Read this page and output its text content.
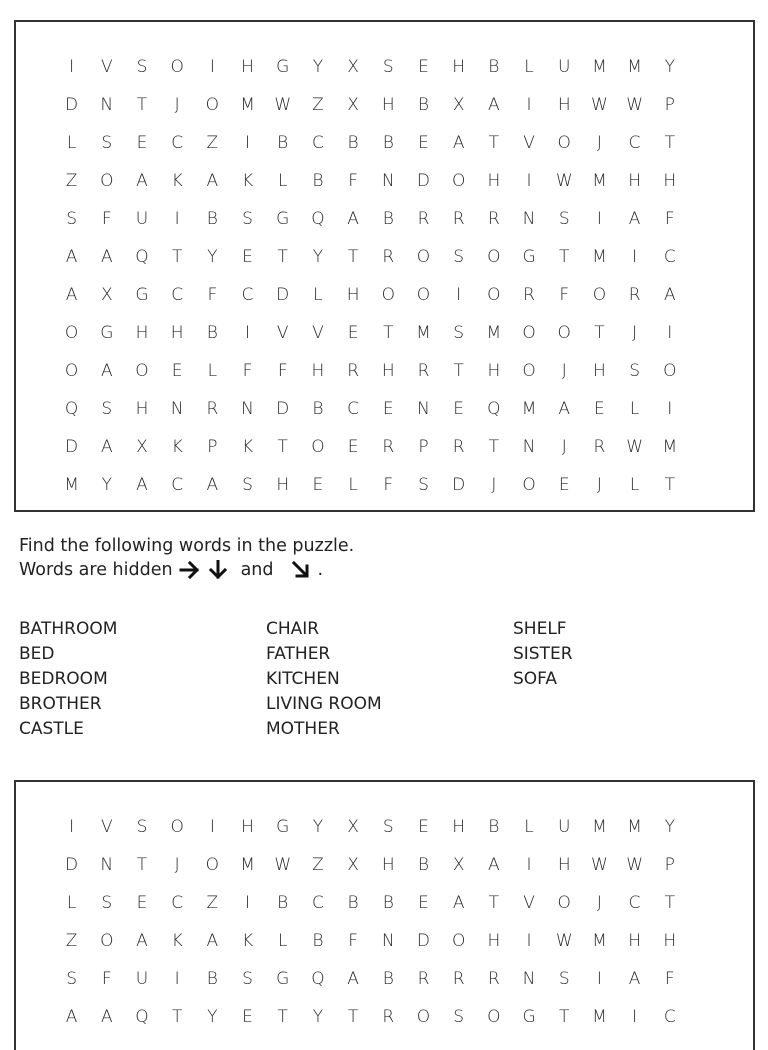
I	V	S	O	I	H	G	Y	X	S	E	H	B	L	U	M	M	Y
D	N	T	J	O	M	W	Z	X	H	B	X	A	I	H	W	W	P
L	S	E	C	Z	I	B	C	B	B	E	A	T	V	O	J	C	T
Z	O	A	K	A	K	L	B	F	N	D	O	H	I	W	M	H	H
S	F	U	I	B	S	G	Q	A	B	R	R	R	N	S	I	A	F
A	A	Q	T	Y	E	T	Y	T	R	O	S	O	G	T	M	I	C
A	X	G	C	F	C	D	L	H	O	O	I	O	R	F	O	R	A
O	G	H	H	B	I	V	V	E	T	M	S	M	O	O	T	J	I
O	A	O	E	L	F	F	H	R	H	R	T	H	O	J	H	S	O
Q	S	H	N	R	N	D	B	C	E	N	E	Q	M	A	E	L	I
D	A	X	K	P	K	T	O	E	R	P	R	T	N	J	R	W	M
M	Y	A	C	A	S	H	E	L	F	S	D	J	O	E	J	L	T
Find the following words in the puzzle.
Words are hidden	and	.
BATHROOM
BED
BEDROOM
BROTHER
CASTLE
CHAIR
FATHER
KITCHEN
LIVING ROOM
MOTHER
SHELF
SISTER
SOFA
I	V	S	O	I	H	G	Y	X	S	E	H	B	L	U	M	M	Y
D	N	T	J	O	M	W	Z	X	H	B	X	A	I	H	W	W	P
L	S	E	C	Z	I	B	C	B	B	E	A	T	V	O	J	C	T
Z	O	A	K	A	K	L	B	F	N	D	O	H	I	W	M	H	H
S	F	U	I	B	S	G	Q	A	B	R	R	R	N	S	I	A	F
A	A	Q	T	Y	E	T	Y	T	R	O	S	O	G	T	M	I	C
